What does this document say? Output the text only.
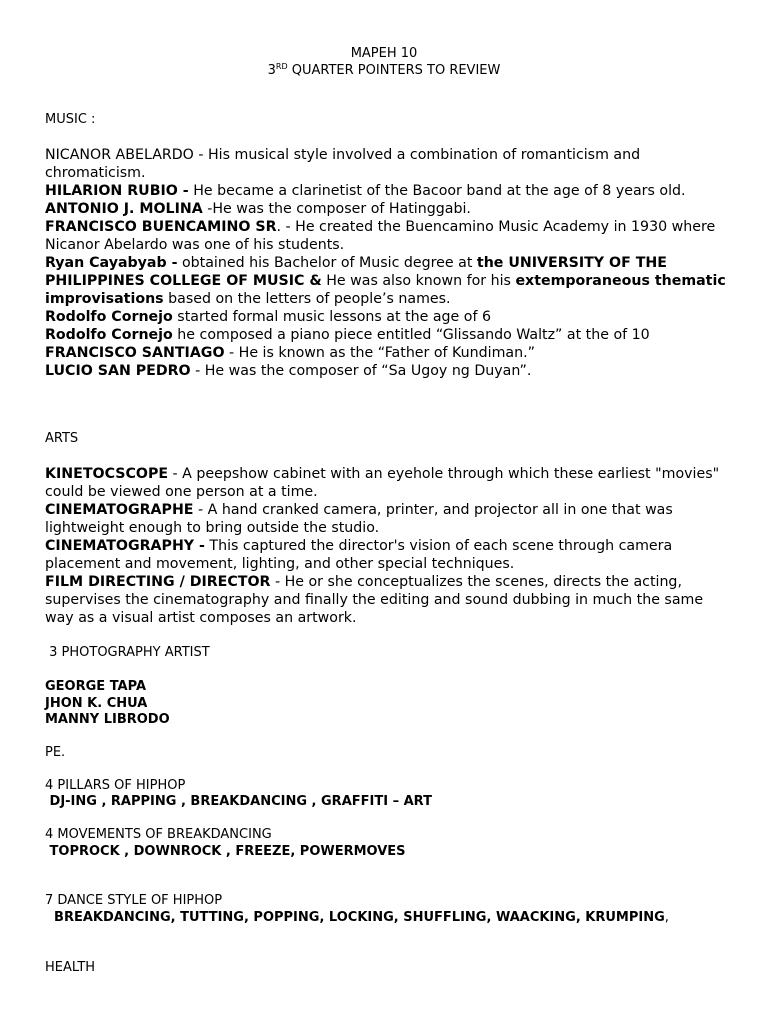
MAPEH 10
3RD QUARTER POINTERS TO REVIEW
MUSIC :
NICANOR ABELARDO - His musical style involved a combination of romanticism and chromaticism.
HILARION RUBIO - He became a clarinetist of the Bacoor band at the age of 8 years old.
ANTONIO J. MOLINA -He was the composer of Hatinggabi.
FRANCISCO BUENCAMINO SR. - He created the Buencamino Music Academy in 1930 where Nicanor Abelardo was one of his students.
Ryan Cayabyab - obtained his Bachelor of Music degree at the UNIVERSITY OF THE PHILIPPINES COLLEGE OF MUSIC & He was also known for his extemporaneous thematic improvisations based on the letters of people’s names.
Rodolfo Cornejo started formal music lessons at the age of 6
Rodolfo Cornejo he composed a piano piece entitled “Glissando Waltz” at the of 10
FRANCISCO SANTIAGO - He is known as the “Father of Kundiman.”
LUCIO SAN PEDRO - He was the composer of “Sa Ugoy ng Duyan”.
ARTS
KINETOCSCOPE - A peepshow cabinet with an eyehole through which these earliest "movies" could be viewed one person at a time.
CINEMATOGRAPHE - A hand cranked camera, printer, and projector all in one that was lightweight enough to bring outside the studio.
CINEMATOGRAPHY - This captured the director's vision of each scene through camera placement and movement, lighting, and other special techniques.
FILM DIRECTING / DIRECTOR - He or she conceptualizes the scenes, directs the acting, supervises the cinematography and finally the editing and sound dubbing in much the same way as a visual artist composes an artwork.
3 PHOTOGRAPHY ARTIST
GEORGE TAPA
JHON K. CHUA
MANNY LIBRODO
PE.
4 PILLARS OF HIPHOP
DJ-ING , RAPPING , BREAKDANCING , GRAFFITI – ART
4 MOVEMENTS OF BREAKDANCING
TOPROCK , DOWNROCK , FREEZE, POWERMOVES
7 DANCE STYLE OF HIPHOP
BREAKDANCING, TUTTING, POPPING, LOCKING, SHUFFLING, WAACKING, KRUMPING,
HEALTH
